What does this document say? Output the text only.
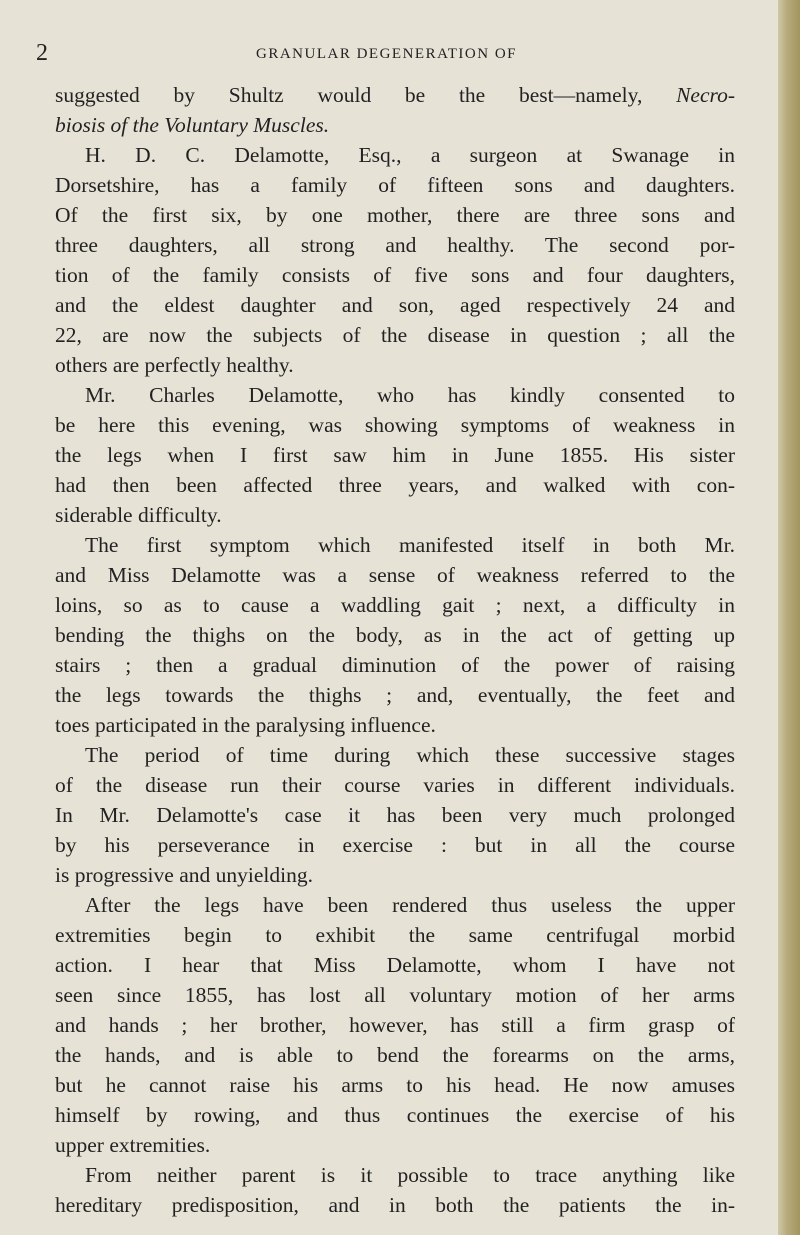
2	GRANULAR DEGENERATION OF
suggested by Shultz would be the best—namely, Necro-
biosis of the Voluntary Muscles.
H. D. C. Delamotte, Esq., a surgeon at Swanage in
Dorsetshire, has a family of fifteen sons and daughters.
Of the first six, by one mother, there are three sons and
three daughters, all strong and healthy. The second por-
tion of the family consists of five sons and four daughters,
and the eldest daughter and son, aged respectively 24 and
22, are now the subjects of the disease in question ; all the
others are perfectly healthy.
Mr. Charles Delamotte, who has kindly consented to
be here this evening, was showing symptoms of weakness in
the legs when I first saw him in June 1855. His sister
had then been affected three years, and walked with con-
siderable difficulty.
The first symptom which manifested itself in both Mr.
and Miss Delamotte was a sense of weakness referred to the
loins, so as to cause a waddling gait ; next, a difficulty in
bending the thighs on the body, as in the act of getting up
stairs ; then a gradual diminution of the power of raising
the legs towards the thighs ; and, eventually, the feet and
toes participated in the paralysing influence.
The period of time during which these successive stages
of the disease run their course varies in different individuals.
In Mr. Delamotte's case it has been very much prolonged
by his perseverance in exercise : but in all the course
is progressive and unyielding.
After the legs have been rendered thus useless the upper
extremities begin to exhibit the same centrifugal morbid
action. I hear that Miss Delamotte, whom I have not
seen since 1855, has lost all voluntary motion of her arms
and hands ; her brother, however, has still a firm grasp of
the hands, and is able to bend the forearms on the arms,
but he cannot raise his arms to his head. He now amuses
himself by rowing, and thus continues the exercise of his
upper extremities.
From neither parent is it possible to trace anything like
hereditary predisposition, and in both the patients the in-
